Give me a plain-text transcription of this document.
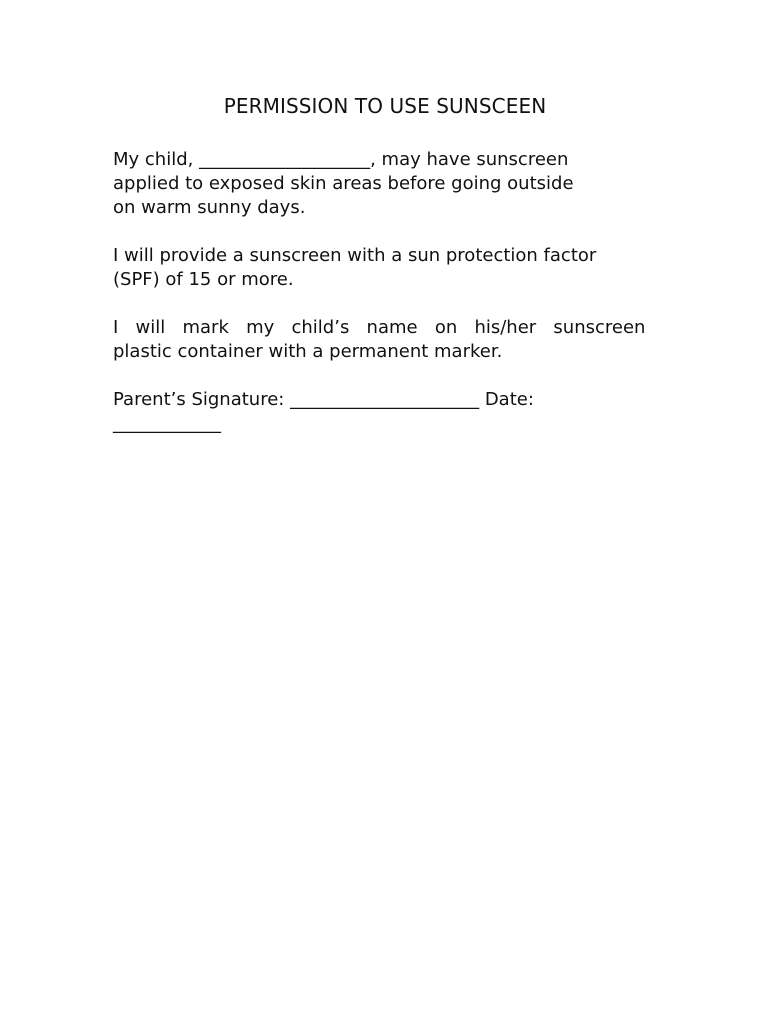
PERMISSION TO USE SUNSCEEN
My child, ___________________, may have sunscreen
applied to exposed skin areas before going outside
on warm sunny days.
I will provide a sunscreen with a sun protection factor
(SPF) of 15 or more.
I will mark my child’s name on his/her sunscreen
plastic container with a permanent marker.
Parent’s Signature: _____________________ Date:
____________
